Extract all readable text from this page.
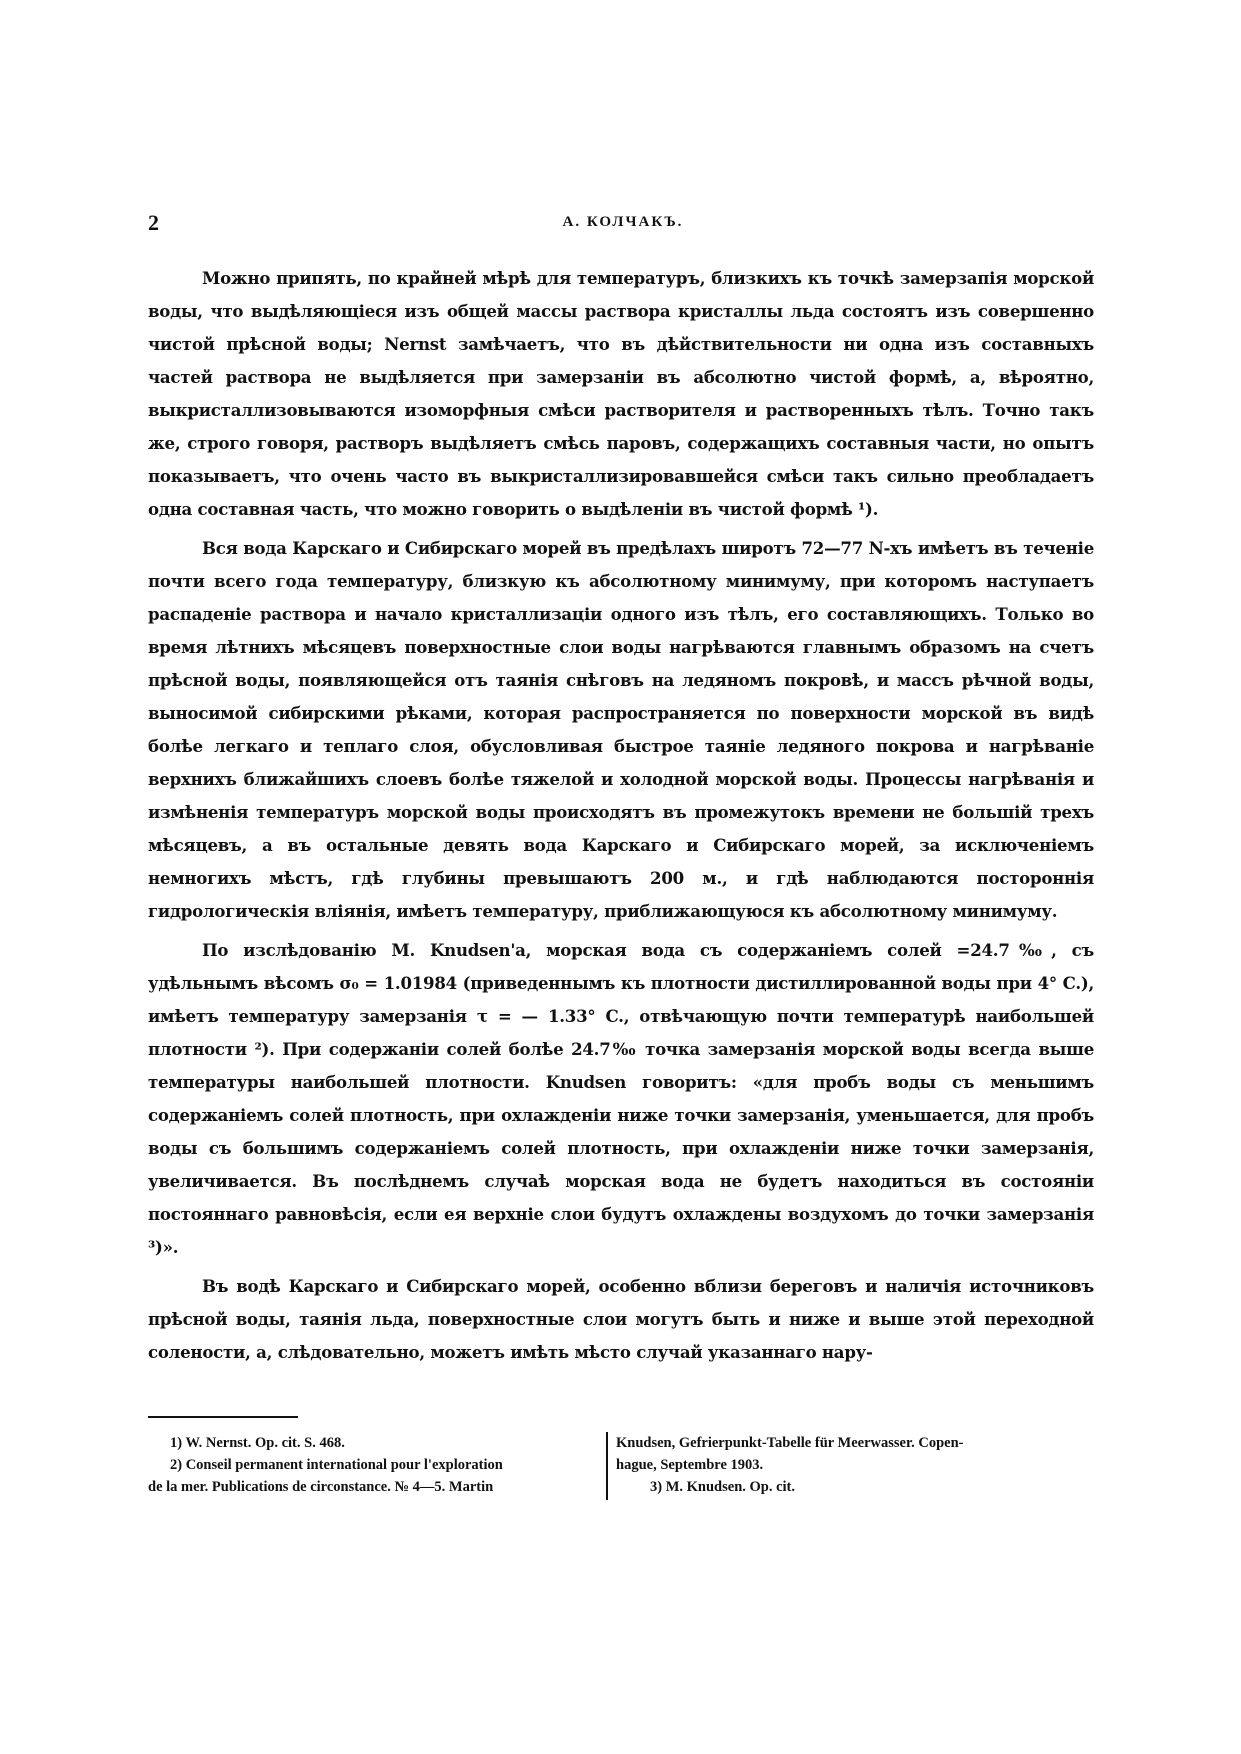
2	А. КОЛЧАКЪ.

Можно припять, по крайней мѣрѣ для температуръ, близкихъ къ точкѣ замерзапія морской воды, что выдѣляющіеся изъ общей массы раствора кристаллы льда состоятъ изъ совершенно чистой прѣсной воды; Nernst замѣчаетъ, что въ дѣйствительности ни одна изъ составныхъ частей раствора не выдѣляется при замерзаніи въ абсолютно чистой формѣ, а, вѣроятно, выкристаллизовываются изоморфныя смѣси растворителя и растворенныхъ тѣлъ. Точно такъ же, строго говоря, растворъ выдѣляетъ смѣсь паровъ, содержащихъ составныя части, но опытъ показываетъ, что очень часто въ выкристаллизировавшейся смѣси такъ сильно преобладаетъ одна составная часть, что можно говорить о выдѣленіи въ чистой формѣ ¹).

Вся вода Карскаго и Сибирскаго морей въ предѣлахъ широтъ 72—77 N-хъ имѣетъ въ теченіе почти всего года температуру, близкую къ абсолютному минимуму, при которомъ наступаетъ распаденіе раствора и начало кристаллизаціи одного изъ тѣлъ, его составляющихъ. Только во время лѣтнихъ мѣсяцевъ поверхностные слои воды нагрѣваются главнымъ образомъ на счетъ прѣсной воды, появляющейся отъ таянія снѣговъ на ледяномъ покровѣ, и массъ рѣчной воды, выносимой сибирскими рѣками, которая распространяется по поверхности морской въ видѣ болѣе легкаго и теплаго слоя, обусловливая быстрое таяніе ледяного покрова и нагрѣваніе верхнихъ ближайшихъ слоевъ болѣе тяжелой и холодной морской воды. Процессы нагрѣванія и измѣненія температуръ морской воды происходятъ въ промежутокъ времени не большій трехъ мѣсяцевъ, а въ остальные девять вода Карскаго и Сибирскаго морей, за исключеніемъ немногихъ мѣстъ, гдѣ глубины превышаютъ 200 м., и гдѣ наблюдаются постороннія гидрологическія вліянія, имѣетъ температуру, приближающуюся къ абсолютному минимуму.

По изслѣдованію M. Knudsen'a, морская вода съ содержаніемъ солей =24.7‰, съ удѣльнымъ вѣсомъ σ₀ = 1.01984 (приведеннымъ къ плотности дистиллированной воды при 4° C.), имѣетъ температуру замерзанія τ = — 1.33° C., отвѣчающую почти температурѣ наибольшей плотности ²). При содержаніи солей болѣе 24.7‰ точка замерзанія морской воды всегда выше температуры наибольшей плотности. Knudsen говоритъ: «для пробъ воды съ меньшимъ содержаніемъ солей плотность, при охлажденіи ниже точки замерзанія, уменьшается, для пробъ воды съ большимъ содержаніемъ солей плотность, при охлажденіи ниже точки замерзанія, увеличивается. Въ послѣднемъ случаѣ морская вода не будетъ находиться въ состояніи постояннаго равновѣсія, если ея верхніе слои будутъ охлаждены воздухомъ до точки замерзанія ³)».

Въ водѣ Карскаго и Сибирскаго морей, особенно вблизи береговъ и наличія источниковъ прѣсной воды, таянія льда, поверхностные слои могутъ быть и ниже и выше этой переходной солености, а, слѣдовательно, можетъ имѣть мѣсто случай указаннаго нару-

1) W. Nernst. Op. cit. S. 468.
2) Conseil permanent international pour l'exploration
de la mer. Publications de circonstance. № 4—5. Martin
Knudsen, Gefrierpunkt-Tabelle für Meerwasser. Copen-
hague, Septembre 1903.
3) M. Knudsen. Op. cit.
